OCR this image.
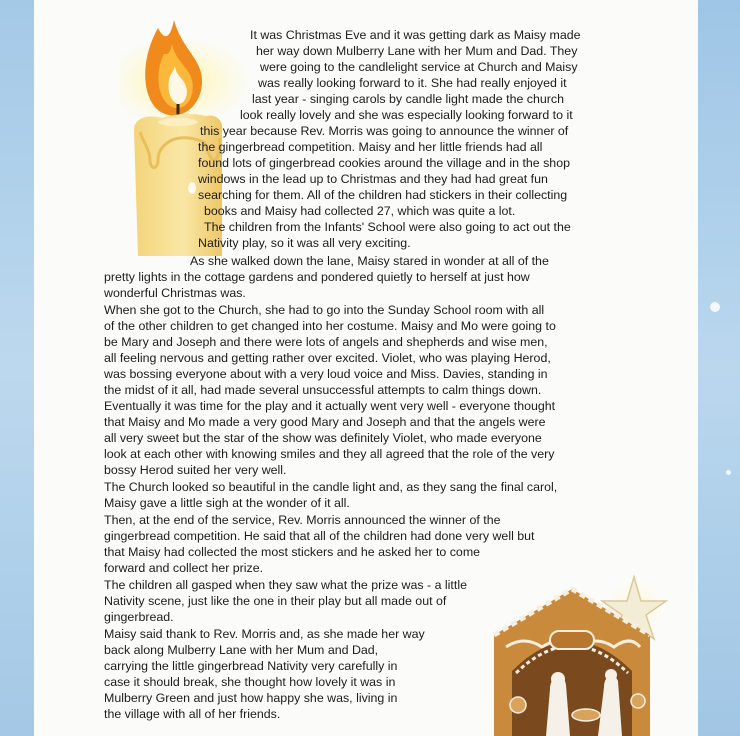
It was Christmas Eve and it was getting dark as Maisy made
her way down Mulberry Lane with her Mum and Dad. They
were going to the candlelight service at Church and Maisy
was really looking forward to it. She had really enjoyed it
last year - singing carols by candle light made the church
look really lovely and she was especially looking forward to it
this year because Rev. Morris was going to announce the winner of
the gingerbread competition. Maisy and her little friends had all
found lots of gingerbread cookies around the village and in the shop
windows in the lead up to Christmas and they had had great fun
searching for them. All of the children had stickers in their collecting
books and Maisy had collected 27, which was quite a lot.
The children from the Infants' School were also going to act out the
Nativity play, so it was all very exciting.
As she walked down the lane, Maisy stared in wonder at all of the
pretty lights in the cottage gardens and pondered quietly to herself at just how
wonderful Christmas was.
When she got to the Church, she had to go into the Sunday School room with all
of the other children to get changed into her costume. Maisy and Mo were going to
be Mary and Joseph and there were lots of angels and shepherds and wise men,
all feeling nervous and getting rather over excited. Violet, who was playing Herod,
was bossing everyone about with a very loud voice and Miss. Davies, standing in
the midst of it all, had made several unsuccessful attempts to calm things down.
Eventually it was time for the play and it actually went very well - everyone thought
that Maisy and Mo made a very good Mary and Joseph and that the angels were
all very sweet but the star of the show was definitely Violet, who made everyone
look at each other with knowing smiles and they all agreed that the role of the very
bossy Herod suited her very well.
The Church looked so beautiful in the candle light and, as they sang the final carol,
Maisy gave a little sigh at the wonder of it all.
Then, at the end of the service, Rev. Morris announced the winner of the
gingerbread competition. He said that all of the children had done very well but
that Maisy had collected the most stickers and he asked her to come
forward and collect her prize.
The children all gasped when they saw what the prize was - a little
Nativity scene, just like the one in their play but all made out of
gingerbread.
Maisy said thank to Rev. Morris and, as she made her way
back along Mulberry Lane with her Mum and Dad,
carrying the little gingerbread Nativity very carefully in
case it should break, she thought how lovely it was in
Mulberry Green and just how happy she was, living in
the village with all of her friends.
